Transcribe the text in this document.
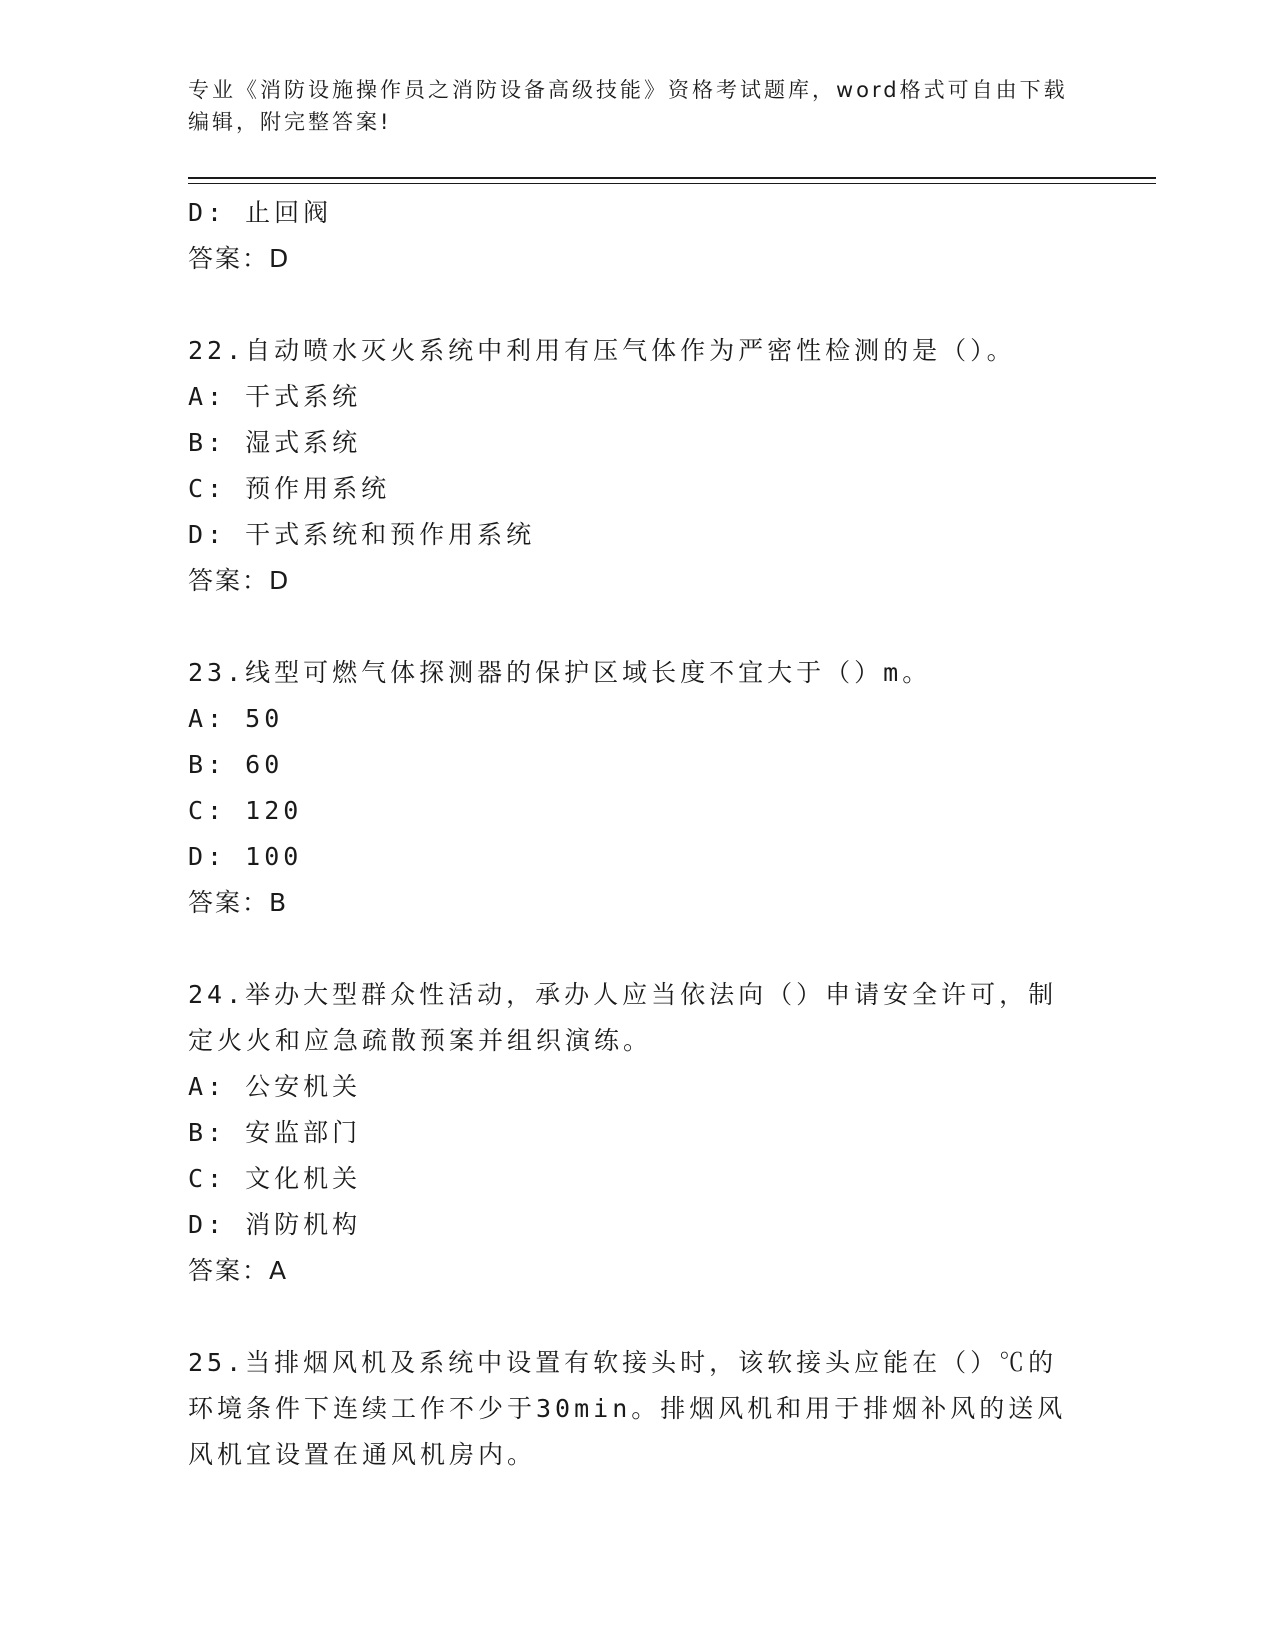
专业《消防设施操作员之消防设备高级技能》资格考试题库，word格式可自由下载编辑，附完整答案!
D: 止回阀
答案：D
22.自动喷水灭火系统中利用有压气体作为严密性检测的是（）。
A: 干式系统
B: 湿式系统
C: 预作用系统
D: 干式系统和预作用系统
答案：D
23.线型可燃气体探测器的保护区域长度不宜大于（）m。
A: 50
B: 60
C: 120
D: 100
答案：B
24.举办大型群众性活动，承办人应当依法向（）申请安全许可，制定火火和应急疏散预案并组织演练。
A: 公安机关
B: 安监部门
C: 文化机关
D: 消防机构
答案：A
25.当排烟风机及系统中设置有软接头时，该软接头应能在（）℃的环境条件下连续工作不少于30min。排烟风机和用于排烟补风的送风风机宜设置在通风机房内。
